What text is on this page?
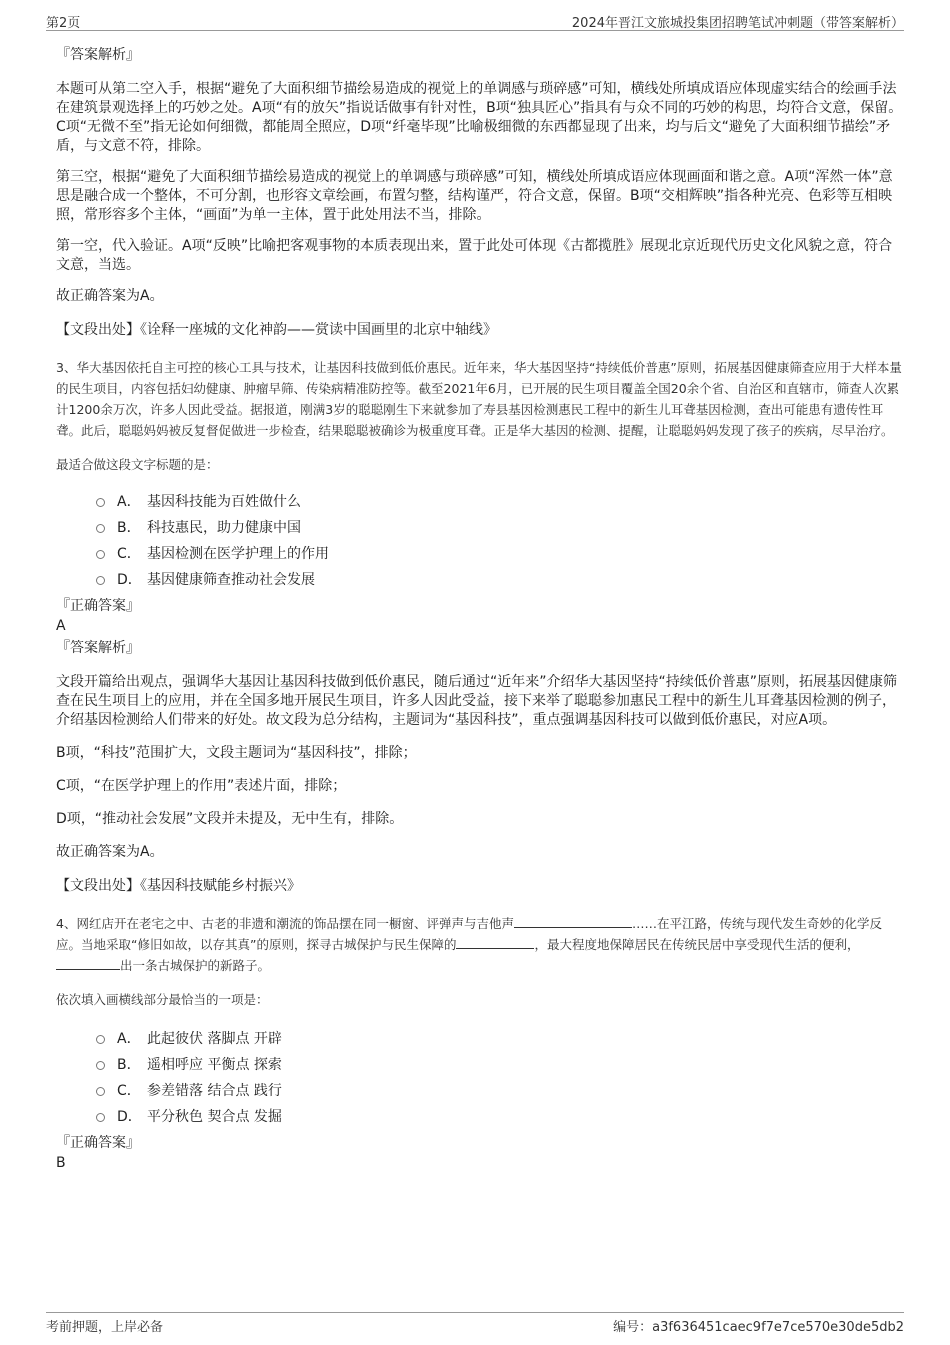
第2页	2024年晋江文旅城投集团招聘笔试冲刺题（带答案解析）
『答案解析』

本题可从第二空入手，根据“避免了大面积细节描绘易造成的视觉上的单调感与琐碎感”可知，横线处所填成语应体现虚实结合的绘画手法在建筑景观选择上的巧妙之处。A项“有的放矢”指说话做事有针对性，B项“独具匠心”指具有与众不同的巧妙的构思，均符合文意，保留。C项“无微不至”指无论如何细微，都能周全照应，D项“纤毫毕现”比喻极细微的东西都显现了出来，均与后文“避免了大面积细节描绘”矛盾，与文意不符，排除。

第三空，根据“避免了大面积细节描绘易造成的视觉上的单调感与琐碎感”可知，横线处所填成语应体现画面和谐之意。A项“浑然一体”意思是融合成一个整体，不可分割，也形容文章绘画，布置匀整，结构谨严，符合文意，保留。B项“交相辉映”指各种光亮、色彩等互相映照，常形容多个主体，“画面”为单一主体，置于此处用法不当，排除。

第一空，代入验证。A项“反映”比喻把客观事物的本质表现出来，置于此处可体现《古都揽胜》展现北京近现代历史文化风貌之意，符合文意，当选。

故正确答案为A。

【文段出处】《诠释一座城的文化神韵——赏读中国画里的北京中轴线》

3、华大基因依托自主可控的核心工具与技术，让基因科技做到低价惠民。近年来，华大基因坚持“持续低价普惠”原则，拓展基因健康筛查应用于大样本量的民生项目，内容包括妇幼健康、肿瘤早筛、传染病精准防控等。截至2021年6月，已开展的民生项目覆盖全国20余个省、自治区和直辖市，筛查人次累计1200余万次，许多人因此受益。据报道，刚满3岁的聪聪刚生下来就参加了寿县基因检测惠民工程中的新生儿耳聋基因检测，查出可能患有遗传性耳聋。此后，聪聪妈妈被反复督促做进一步检查，结果聪聪被确诊为极重度耳聋。正是华大基因的检测、提醒，让聪聪妈妈发现了孩子的疾病，尽早治疗。

最适合做这段文字标题的是：
A． 基因科技能为百姓做什么
B． 科技惠民，助力健康中国
C． 基因检测在医学护理上的作用
D． 基因健康筛查推动社会发展
『正确答案』
A
『答案解析』

文段开篇给出观点，强调华大基因让基因科技做到低价惠民，随后通过“近年来”介绍华大基因坚持“持续低价普惠”原则，拓展基因健康筛查在民生项目上的应用，并在全国多地开展民生项目，许多人因此受益，接下来举了聪聪参加惠民工程中的新生儿耳聋基因检测的例子，介绍基因检测给人们带来的好处。故文段为总分结构，主题词为“基因科技”，重点强调基因科技可以做到低价惠民，对应A项。

B项，“科技”范围扩大，文段主题词为“基因科技”，排除；

C项，“在医学护理上的作用”表述片面，排除；

D项，“推动社会发展”文段并未提及，无中生有，排除。

故正确答案为A。

【文段出处】《基因科技赋能乡村振兴》

4、网红店开在老宅之中、古老的非遗和潮流的饰品摆在同一橱窗、评弹声与吉他声	……在平江路，传统与现代发生奇妙的化学反应。当地采取“修旧如故，以存其真”的原则，探寻古城保护与民生保障的	，最大程度地保障居民在传统民居中享受现代生活的便利，出一条古城保护的新路子。

依次填入画横线部分最恰当的一项是：
A． 此起彼伏 落脚点 开辟
B． 遥相呼应 平衡点 探索
C． 参差错落 结合点 践行
D． 平分秋色 契合点 发掘
『正确答案』
B
考前押题，上岸必备	编号：a3f636451caec9f7e7ce570e30de5db2
